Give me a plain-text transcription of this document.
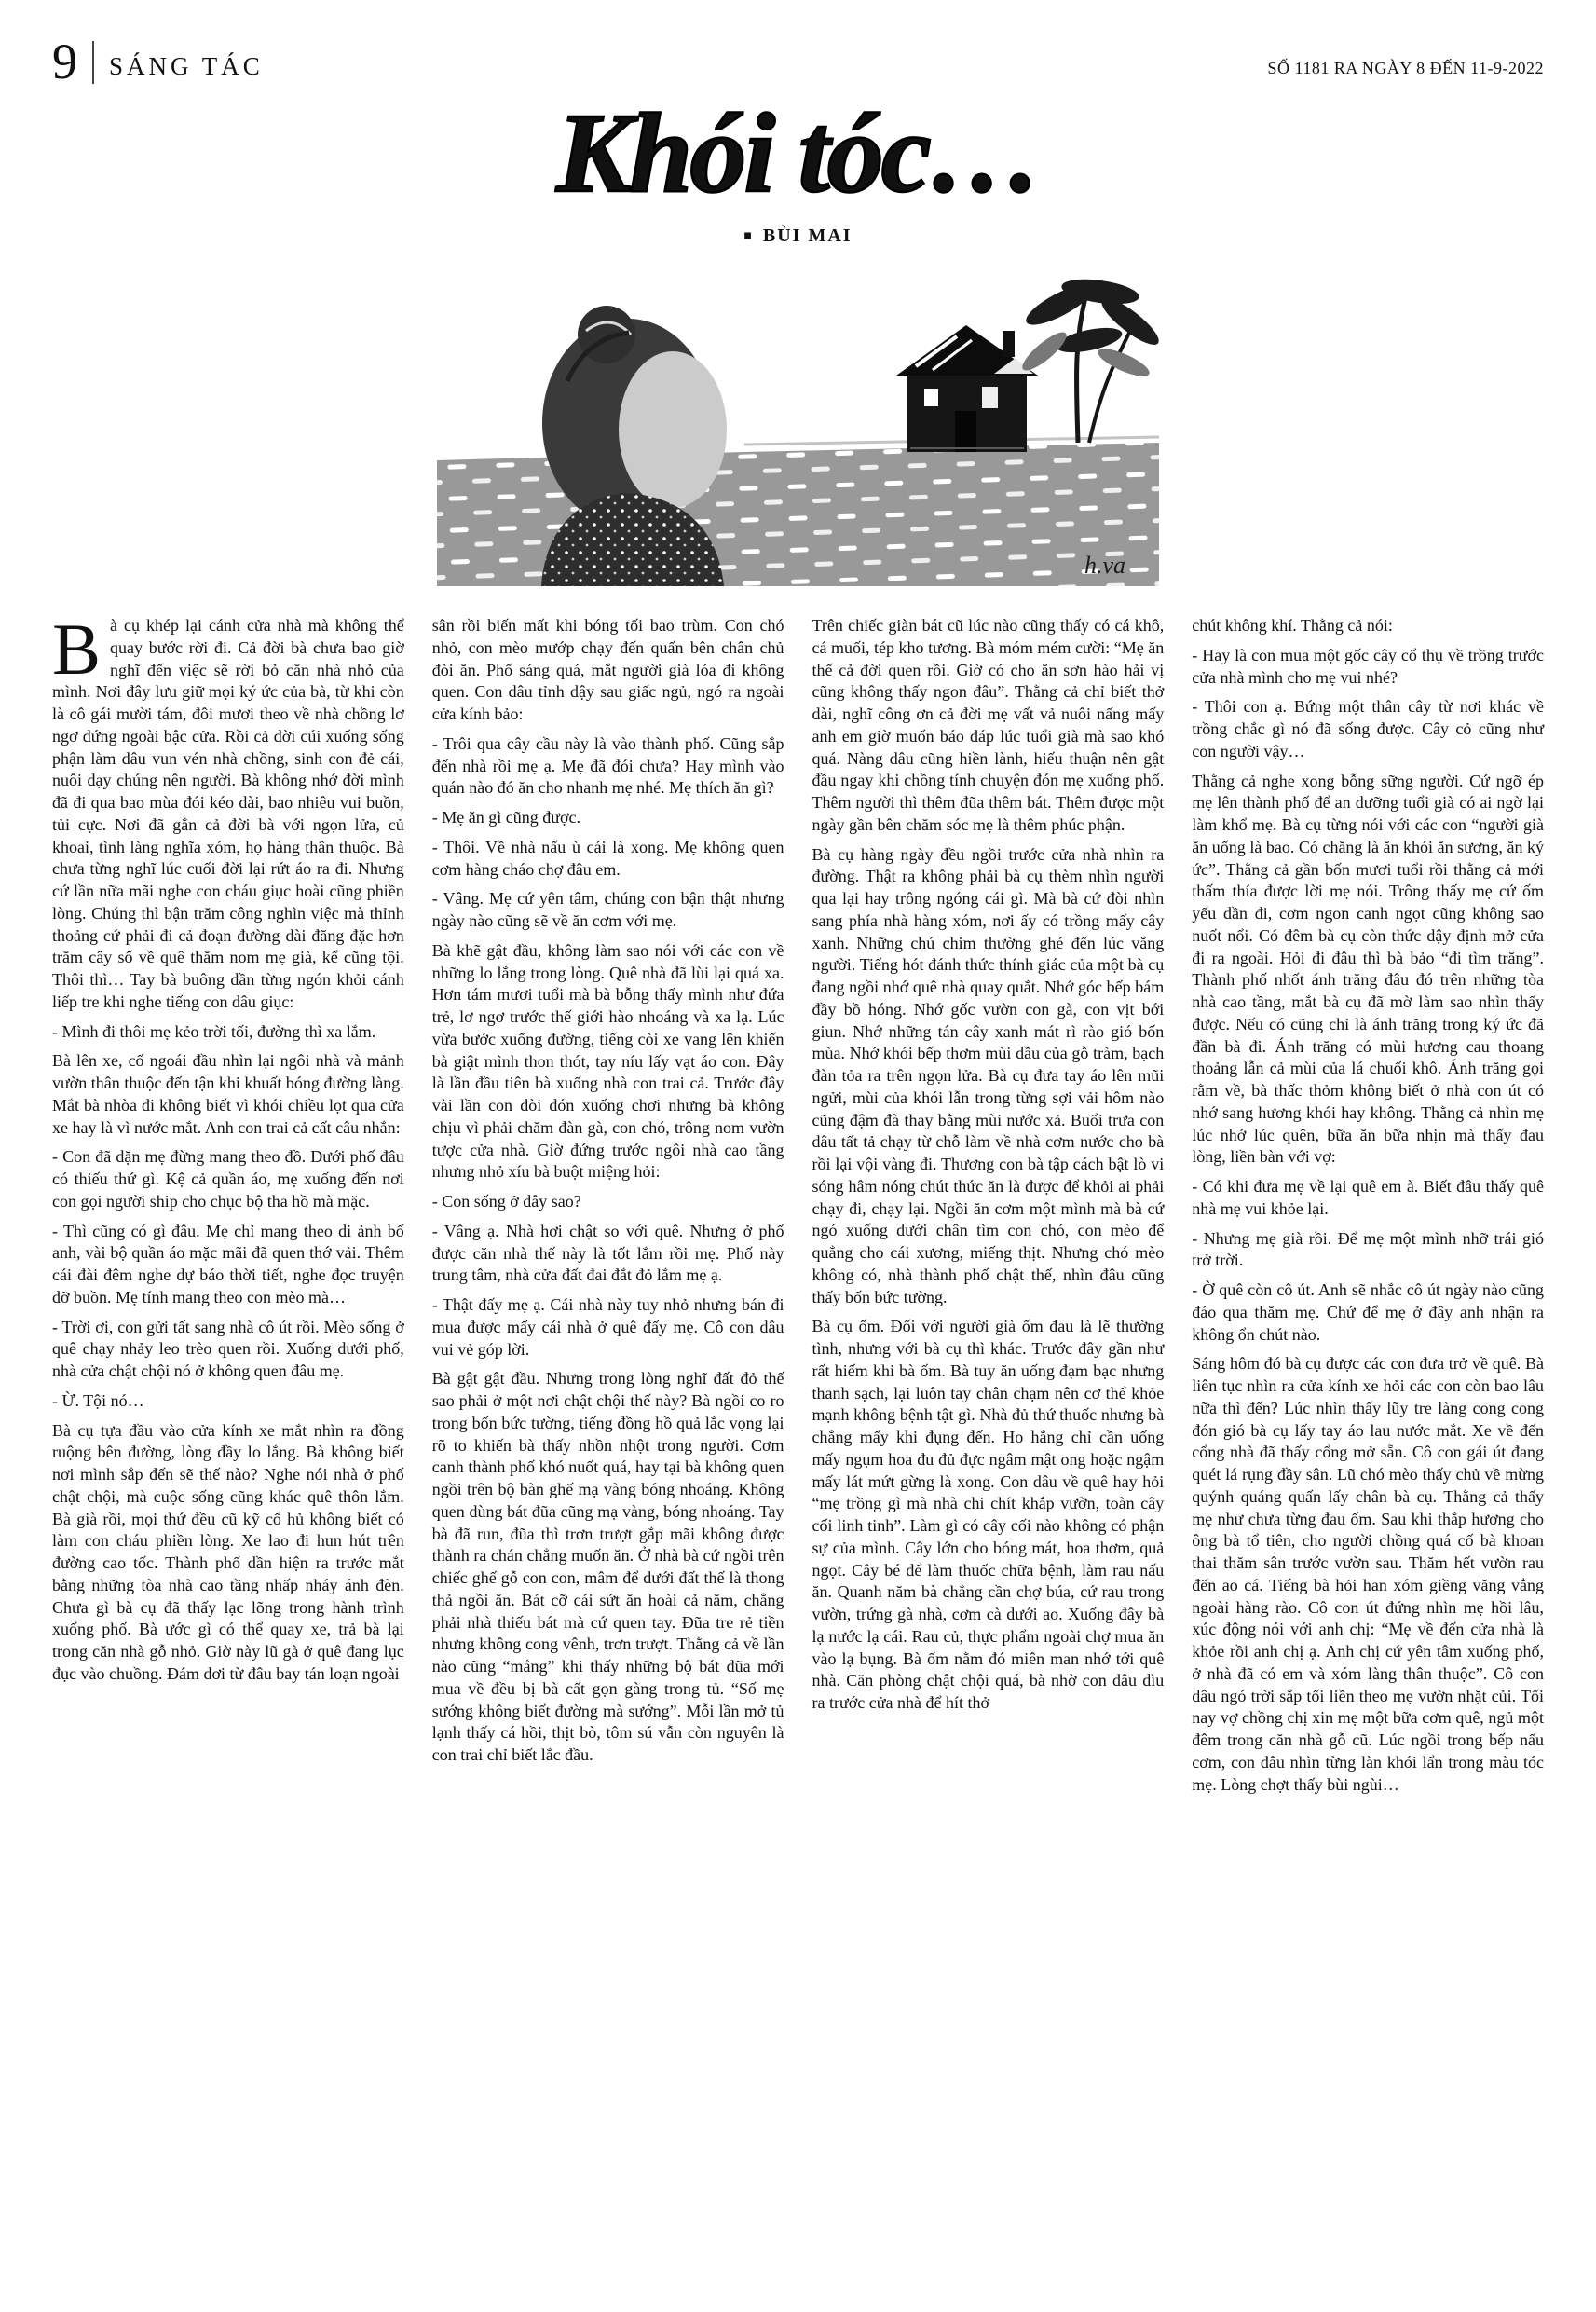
9 SÁNG TÁC	SỐ 1181 RA NGÀY 8 ĐẾN 11-9-2022
Khói tóc…
■ BÙI MAI
h.va

Bà cụ khép lại cánh cửa nhà mà không thể quay bước rời đi. Cả đời bà chưa bao giờ nghĩ đến việc sẽ rời bỏ căn nhà nhỏ của mình. Nơi đây lưu giữ mọi ký ức của bà, từ khi còn là cô gái mười tám, đôi mươi theo về nhà chồng lơ ngơ đứng ngoài bậc cửa. Rồi cả đời cúi xuống sống phận làm dâu vun vén nhà chồng, sinh con đẻ cái, nuôi dạy chúng nên người. Bà không nhớ đời mình đã đi qua bao mùa đói kéo dài, bao nhiêu vui buồn, tủi cực. Nơi đã gắn cả đời bà với ngọn lửa, củ khoai, tình làng nghĩa xóm, họ hàng thân thuộc. Bà chưa từng nghĩ lúc cuối đời lại rứt áo ra đi. Nhưng cứ lần nữa mãi nghe con cháu giục hoài cũng phiền lòng. Chúng thì bận trăm công nghìn việc mà thỉnh thoảng cứ phải đi cả đoạn đường dài đăng đặc hơn trăm cây số về quê thăm nom mẹ già, kể cũng tội. Thôi thì… Tay bà buông dần từng ngón khỏi cánh liếp tre khi nghe tiếng con dâu giục:

- Mình đi thôi mẹ kẻo trời tối, đường thì xa lắm.

Bà lên xe, cố ngoái đầu nhìn lại ngôi nhà và mảnh vườn thân thuộc đến tận khi khuất bóng đường làng. Mắt bà nhòa đi không biết vì khói chiều lọt qua cửa xe hay là vì nước mắt. Anh con trai cả cất câu nhắn:

- Con đã dặn mẹ đừng mang theo đồ. Dưới phố đâu có thiếu thứ gì. Kệ cả quần áo, mẹ xuống đến nơi con gọi người ship cho chục bộ tha hồ mà mặc.

- Thì cũng có gì đâu. Mẹ chỉ mang theo di ảnh bố anh, vài bộ quần áo mặc mãi đã quen thớ vải. Thêm cái đài đêm nghe dự báo thời tiết, nghe đọc truyện đỡ buồn. Mẹ tính mang theo con mèo mà…

- Trời ơi, con gửi tất sang nhà cô út rồi. Mèo sống ở quê chạy nhảy leo trèo quen rồi. Xuống dưới phố, nhà cửa chật chội nó ở không quen đâu mẹ.

- Ừ. Tội nó…

Bà cụ tựa đầu vào cửa kính xe mắt nhìn ra đồng ruộng bên đường, lòng đầy lo lắng. Bà không biết nơi mình sắp đến sẽ thế nào? Nghe nói nhà ở phố chật chội, mà cuộc sống cũng khác quê thôn lắm. Bà già rồi, mọi thứ đều cũ kỹ cổ hủ không biết có làm con cháu phiền lòng. Xe lao đi hun hút trên đường cao tốc. Thành phố dần hiện ra trước mắt bằng những tòa nhà cao tầng nhấp nháy ánh đèn. Chưa gì bà cụ đã thấy lạc lõng trong hành trình xuống phố. Bà ước gì có thể quay xe, trả bà lại trong căn nhà gỗ nhỏ. Giờ này lũ gà ở quê đang lục đục vào chuồng. Đám dơi từ đâu bay tán loạn ngoài

sân rồi biến mất khi bóng tối bao trùm. Con chó nhỏ, con mèo mướp chạy đến quấn bên chân chủ đòi ăn. Phố sáng quá, mắt người già lóa đi không quen. Con dâu tỉnh dậy sau giấc ngủ, ngó ra ngoài cửa kính bảo:

- Trôi qua cây cầu này là vào thành phố. Cũng sắp đến nhà rồi mẹ ạ. Mẹ đã đói chưa? Hay mình vào quán nào đó ăn cho nhanh mẹ nhé. Mẹ thích ăn gì?

- Mẹ ăn gì cũng được.

- Thôi. Về nhà nấu ù cái là xong. Mẹ không quen cơm hàng cháo chợ đâu em.

- Vâng. Mẹ cứ yên tâm, chúng con bận thật nhưng ngày nào cũng sẽ về ăn cơm với mẹ.

Bà khẽ gật đầu, không làm sao nói với các con về những lo lắng trong lòng. Quê nhà đã lùi lại quá xa. Hơn tám mươi tuổi mà bà bỗng thấy mình như đứa trẻ, lơ ngơ trước thế giới hào nhoáng và xa lạ. Lúc vừa bước xuống đường, tiếng còi xe vang lên khiến bà giật mình thon thót, tay níu lấy vạt áo con. Đây là lần đầu tiên bà xuống nhà con trai cả. Trước đây vài lần con đòi đón xuống chơi nhưng bà không chịu vì phải chăm đàn gà, con chó, trông nom vườn tược cửa nhà. Giờ đứng trước ngôi nhà cao tầng nhưng nhỏ xíu bà buột miệng hỏi:

- Con sống ở đây sao?

- Vâng ạ. Nhà hơi chật so với quê. Nhưng ở phố được căn nhà thế này là tốt lắm rồi mẹ. Phố này trung tâm, nhà cửa đất đai đắt đỏ lắm mẹ ạ.

- Thật đấy mẹ ạ. Cái nhà này tuy nhỏ nhưng bán đi mua được mấy cái nhà ở quê đấy mẹ. Cô con dâu vui vẻ góp lời.

Bà gật gật đầu. Nhưng trong lòng nghĩ đất đỏ thế sao phải ở một nơi chật chội thế này? Bà ngồi co ro trong bốn bức tường, tiếng đồng hồ quả lắc vọng lại rõ to khiến bà thấy nhồn nhột trong người. Cơm canh thành phố khó nuốt quá, hay tại bà không quen ngồi trên bộ bàn ghế mạ vàng bóng nhoáng. Không quen dùng bát đũa cũng mạ vàng, bóng nhoáng. Tay bà đã run, đũa thì trơn trượt gắp mãi không được thành ra chán chẳng muốn ăn. Ở nhà bà cứ ngồi trên chiếc ghế gỗ con con, mâm để dưới đất thế là thong thả ngồi ăn. Bát cỡ cái sứt ăn hoài cả năm, chẳng phải nhà thiếu bát mà cứ quen tay. Đũa tre rẻ tiền nhưng không cong vênh, trơn trượt. Thằng cả về lần nào cũng “mắng” khi thấy những bộ bát đũa mới mua về đều bị bà cất gọn gàng trong tủ. “Số mẹ sướng không biết đường mà sướng”. Mỗi lần mở tủ lạnh thấy cá hồi, thịt bò, tôm sú vẫn còn nguyên là con trai chỉ biết lắc đầu.

Trên chiếc giàn bát cũ lúc nào cũng thấy có cá khô, cá muối, tép kho tương. Bà móm mém cười: “Mẹ ăn thế cả đời quen rồi. Giờ có cho ăn sơn hào hải vị cũng không thấy ngon đâu”. Thằng cả chỉ biết thở dài, nghĩ công ơn cả đời mẹ vất vả nuôi nấng mấy anh em giờ muốn báo đáp lúc tuổi già mà sao khó quá. Nàng dâu cũng hiền lành, hiếu thuận nên gật đầu ngay khi chồng tính chuyện đón mẹ xuống phố. Thêm người thì thêm đũa thêm bát. Thêm được một ngày gần bên chăm sóc mẹ là thêm phúc phận.

Bà cụ hàng ngày đều ngồi trước cửa nhà nhìn ra đường. Thật ra không phải bà cụ thèm nhìn người qua lại hay trông ngóng cái gì. Mà bà cứ đòi nhìn sang phía nhà hàng xóm, nơi ấy có trồng mấy cây xanh. Những chú chim thường ghé đến lúc vắng người. Tiếng hót đánh thức thính giác của một bà cụ đang ngồi nhớ quê nhà quay quắt. Nhớ góc bếp bám đầy bồ hóng. Nhớ gốc vườn con gà, con vịt bới giun. Nhớ những tán cây xanh mát rì rào gió bốn mùa. Nhớ khói bếp thơm mùi dầu của gỗ tràm, bạch đàn tỏa ra trên ngọn lửa. Bà cụ đưa tay áo lên mũi ngửi, mùi của khói lẫn trong từng sợi vải hôm nào cũng đậm đà thay bằng mùi nước xả. Buổi trưa con dâu tất tả chạy từ chỗ làm về nhà cơm nước cho bà rồi lại vội vàng đi. Thương con bà tập cách bật lò vi sóng hâm nóng chút thức ăn là được để khỏi ai phải chạy đi, chạy lại. Ngồi ăn cơm một mình mà bà cứ ngó xuống dưới chân tìm con chó, con mèo để quẳng cho cái xương, miếng thịt. Nhưng chó mèo không có, nhà thành phố chật thế, nhìn đâu cũng thấy bốn bức tường.

Bà cụ ốm. Đối với người già ốm đau là lẽ thường tình, nhưng với bà cụ thì khác. Trước đây gần như rất hiếm khi bà ốm. Bà tuy ăn uống đạm bạc nhưng thanh sạch, lại luôn tay chân chạm nên cơ thể khỏe mạnh không bệnh tật gì. Nhà đủ thứ thuốc nhưng bà chẳng mấy khi đụng đến. Ho hắng chỉ cần uống mấy ngụm hoa đu đủ đực ngâm mật ong hoặc ngậm mấy lát mứt gừng là xong. Con dâu về quê hay hỏi “mẹ trồng gì mà nhà chi chít khắp vườn, toàn cây cối linh tinh”. Làm gì có cây cối nào không có phận sự của mình. Cây lớn cho bóng mát, hoa thơm, quả ngọt. Cây bé để làm thuốc chữa bệnh, làm rau nấu ăn. Quanh năm bà chẳng cần chợ búa, cứ rau trong vườn, trứng gà nhà, cơm cà dưới ao. Xuống đây bà lạ nước lạ cái. Rau củ, thực phẩm ngoài chợ mua ăn vào lạ bụng. Bà ốm nằm đó miên man nhớ tới quê nhà. Căn phòng chật chội quá, bà nhờ con dâu dìu ra trước cửa nhà để hít thở

chút không khí. Thằng cả nói:

- Hay là con mua một gốc cây cổ thụ về trồng trước cửa nhà mình cho mẹ vui nhé?

- Thôi con ạ. Bứng một thân cây từ nơi khác về trồng chắc gì nó đã sống được. Cây cỏ cũng như con người vậy…

Thằng cả nghe xong bỗng sững người. Cứ ngỡ ép mẹ lên thành phố để an dưỡng tuổi già có ai ngờ lại làm khổ mẹ. Bà cụ từng nói với các con “người già ăn uống là bao. Có chăng là ăn khói ăn sương, ăn ký ức”. Thằng cả gần bốn mươi tuổi rồi thằng cả mới thấm thía được lời mẹ nói. Trông thấy mẹ cứ ốm yếu dần đi, cơm ngon canh ngọt cũng không sao nuốt nổi. Có đêm bà cụ còn thức dậy định mở cửa đi ra ngoài. Hỏi đi đâu thì bà bảo “đi tìm trăng”. Thành phố nhốt ánh trăng đâu đó trên những tòa nhà cao tầng, mắt bà cụ đã mờ làm sao nhìn thấy được. Nếu có cũng chỉ là ánh trăng trong ký ức đã đần bà đi. Ánh trăng có mùi hương cau thoang thoảng lẫn cả mùi của lá chuối khô. Ánh trăng gọi rằm về, bà thấc thỏm không biết ở nhà con út có nhớ sang hương khói hay không. Thằng cả nhìn mẹ lúc nhớ lúc quên, bữa ăn bữa nhịn mà thấy đau lòng, liền bàn với vợ:

- Có khi đưa mẹ về lại quê em à. Biết đâu thấy quê nhà mẹ vui khỏe lại.

- Nhưng mẹ già rồi. Để mẹ một mình nhỡ trái gió trở trời.

- Ờ quê còn cô út. Anh sẽ nhắc cô út ngày nào cũng đáo qua thăm mẹ. Chứ để mẹ ở đây anh nhận ra không ổn chút nào.

Sáng hôm đó bà cụ được các con đưa trở về quê. Bà liên tục nhìn ra cửa kính xe hỏi các con còn bao lâu nữa thì đến? Lúc nhìn thấy lũy tre làng cong cong đón gió bà cụ lấy tay áo lau nước mắt. Xe về đến cổng nhà đã thấy cổng mở sẵn. Cô con gái út đang quét lá rụng đầy sân. Lũ chó mèo thấy chủ về mừng quýnh quáng quấn lấy chân bà cụ. Thằng cả thấy mẹ như chưa từng đau ốm. Sau khi thắp hương cho ông bà tổ tiên, cho người chồng quá cố bà khoan thai thăm sân trước vườn sau. Thăm hết vườn rau đến ao cá. Tiếng bà hỏi han xóm giềng văng vẳng ngoài hàng rào. Cô con út đứng nhìn mẹ hồi lâu, xúc động nói với anh chị: “Mẹ về đến cửa nhà là khỏe rồi anh chị ạ. Anh chị cứ yên tâm xuống phố, ở nhà đã có em và xóm làng thân thuộc”. Cô con dâu ngó trời sắp tối liền theo mẹ vườn nhặt củi. Tối nay vợ chồng chị xin mẹ một bữa cơm quê, ngủ một đêm trong căn nhà gỗ cũ. Lúc ngồi trong bếp nấu cơm, con dâu nhìn từng làn khói lẩn trong màu tóc mẹ. Lòng chợt thấy bùi ngùi…
